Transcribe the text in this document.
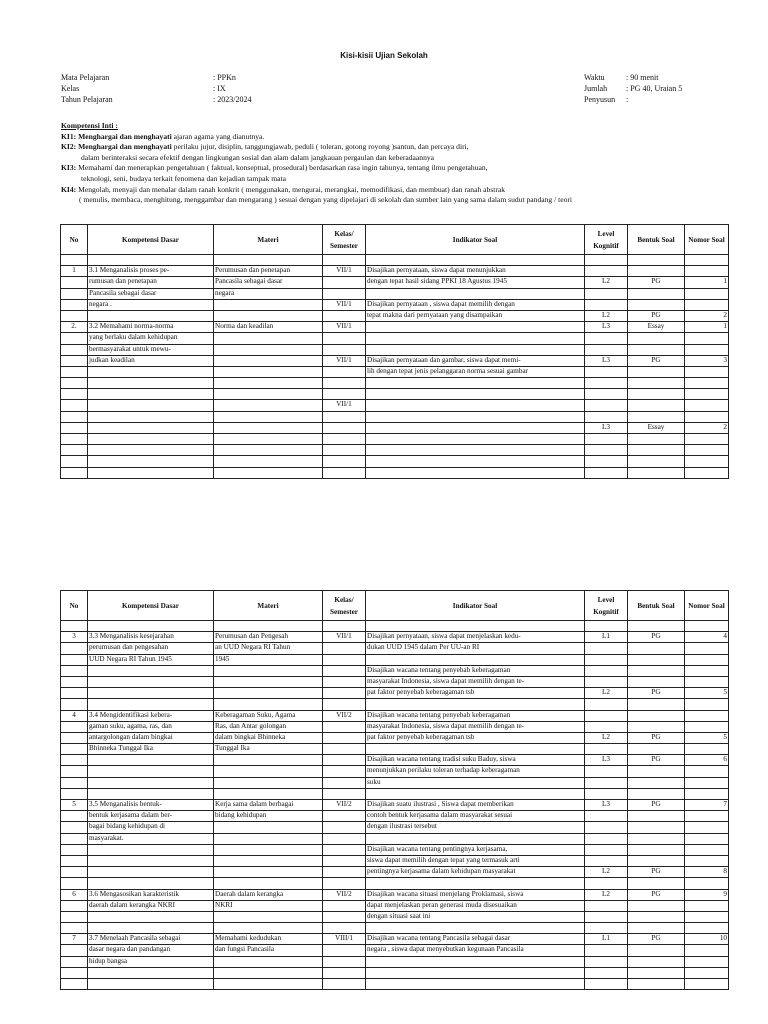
Kisi-kisii Ujian Sekolah
Mata Pelajaran	: PPKn
Kelas	: IX
Tahun Pelajaran	: 2023/2024
Waktu	: 90 menit
Jumlah : PG 40, Uraian 5
Penyusun :
Kompetensi Inti :
KI1: Menghargai dan menghayati ajaran agama yang dianutnya.
KI2: Menghargai dan menghayati perilaku jujur, disiplin, tanggungjawab, peduli ( toleran, gotong royong )santun, dan percaya diri,
dalam berinteraksi secara efektif dengan lingkungan sosial dan alam dalam jangkauan pergaulan dan keberadaannya
KI3: Memahami dan menerapkan pengetahuan ( faktual, konseptual, prosedural) berdasarkan rasa ingin tahunya, tentang ilmu pengetahuan,
teknologi, seni, budaya terkait fenomena dan kejadian tampak mata
KI4: Mengolah, menyaji dan menalar dalam ranah konkrit ( menggunakan, mengurai, merangkai, memodifikasi, dan membuat) dan ranah abstrak
( menulis, membaca, menghitung, menggambar dan mengarang ) sesuai dengan yang dipelajari di sekolah dan sumber lain yang sama dalam sudut pandang / teori
No	Kompetensi Dasar	Materi	Kelas/ Semester	Indikator Soal	Level Kognitif	Bentuk Soal	Nomor Soal

1	3.1 Menganalisis proses pe-	Perumusan dan penetapan	VII/1	Disajikan pernyataan, siswa dapat menunjukkan			
	rumusan dan penetapan	Pancasila sebagai dasar		dengan tepat hasil sidang PPKI 18 Agustus 1945	L2	PG	1
	Pancasila sebagai dasar	negara					
	negara .		VII/1	Disajikan pernyataan , siswa dapat memilih dengan			
				tepat makna dari pernyataan yang disampaikan	L2	PG	2
2.	3.2 Memahami norma-norma	Norma dan keadilan	VII/1		L3	Essay	1
	yang berlaku dalam kehidupan						
	bermasyarakat untuk mewu-						
	judkan keadilan		VII/1	Disajikan pernyataan dan gambar, siswa dapat memi-	L3	PG	3
				lih dengan tepat jenis pelanggaran norma sesuai gambar			

			VII/1				

					L3	Essay	2

No	Kompetensi Dasar	Materi	Kelas/ Semester	Indikator Soal	Level Kognitif	Bentuk Soal	Nomor Soal

3	3.3 Menganalisis kesejarahan	Perumusan dan Pengesah	VII/1	Disajikan pernyataan, siswa dapat menjelaskan kedu-	L1	PG	4
	perumusan dan pengesahan	an UUD Negara RI Tahun		dukan UUD 1945 dalam Per UU-an RI			
	UUD Negara RI Tahun 1945	1945					
				Disajikan wacana tentang penyebab keberagaman			
				masyarakat Indonesia, siswa dapat memilih dengan te-			
				pat faktor penyebab keberagaman tsb	L2	PG	5

4	3.4 Mengidentifikasi kebera-	Keberagaman Suku, Agama	VII/2	Disajikan wacana tentang penyebab keberagaman			
	gaman suku, agama, ras, dan	Ras, dan Antar golongan		masyarakat Indonesia, siswa dapat memilih dengan te-			
	antargolongan dalam bingkai	dalam bingkai Bhinneka		pat faktor penyebab keberagaman tsb	L2	PG	5
	Bhinneka Tunggal Ika	Tunggal Ika					
				Disajikan wacana tentang tradisi suku Baduy, siswa	L3	PG	6
				menunjukkan perilaku toleran terhadap keberagaman			
				suku			

5	3.5 Menganalisis bentuk-	Kerja sama dalam berbagai	VII/2	Disajikan suatu ilustrasi , Siswa dapat memberikan	L3	PG	7
	bentuk kerjasama dalam ber-	bidang kehidupan		contoh bentuk kerjasama dalam masyarakat sesuai			
	bagai bidang kehidupan di			dengan ilustrasi tersebut			
	masyarakat.						
				Disajikan wacana tentang pentingnya kerjasama,			
				siswa dapat memilih dengan tepat yang termasuk arti			
				pentingnya kerjasama dalam kehidupan masyarakat	L2	PG	8

6	3.6 Mengasosikan karakteristik	Daerah dalam kerangka	VII/2	Disajikan wacana situasi menjelang Proklamasi, siswa	L2	PG	9
	daerah dalam kerangka NKRI	NKRI		dapat menjelaskan peran generasi muda disesuaikan			
				dengan situasi saat ini			

7	3.7 Menelaah Pancasila sebagai	Memahami kedudukan	VIII/1	Disajikan wacana tentang Pancasila sebagai dasar	L1	PG	10
	dasar negara dan pandangan	dan fungsi Pancasila		negara , siswa dapat menyebutkan kegunaan Pancasila			
	hidup bangsa						
